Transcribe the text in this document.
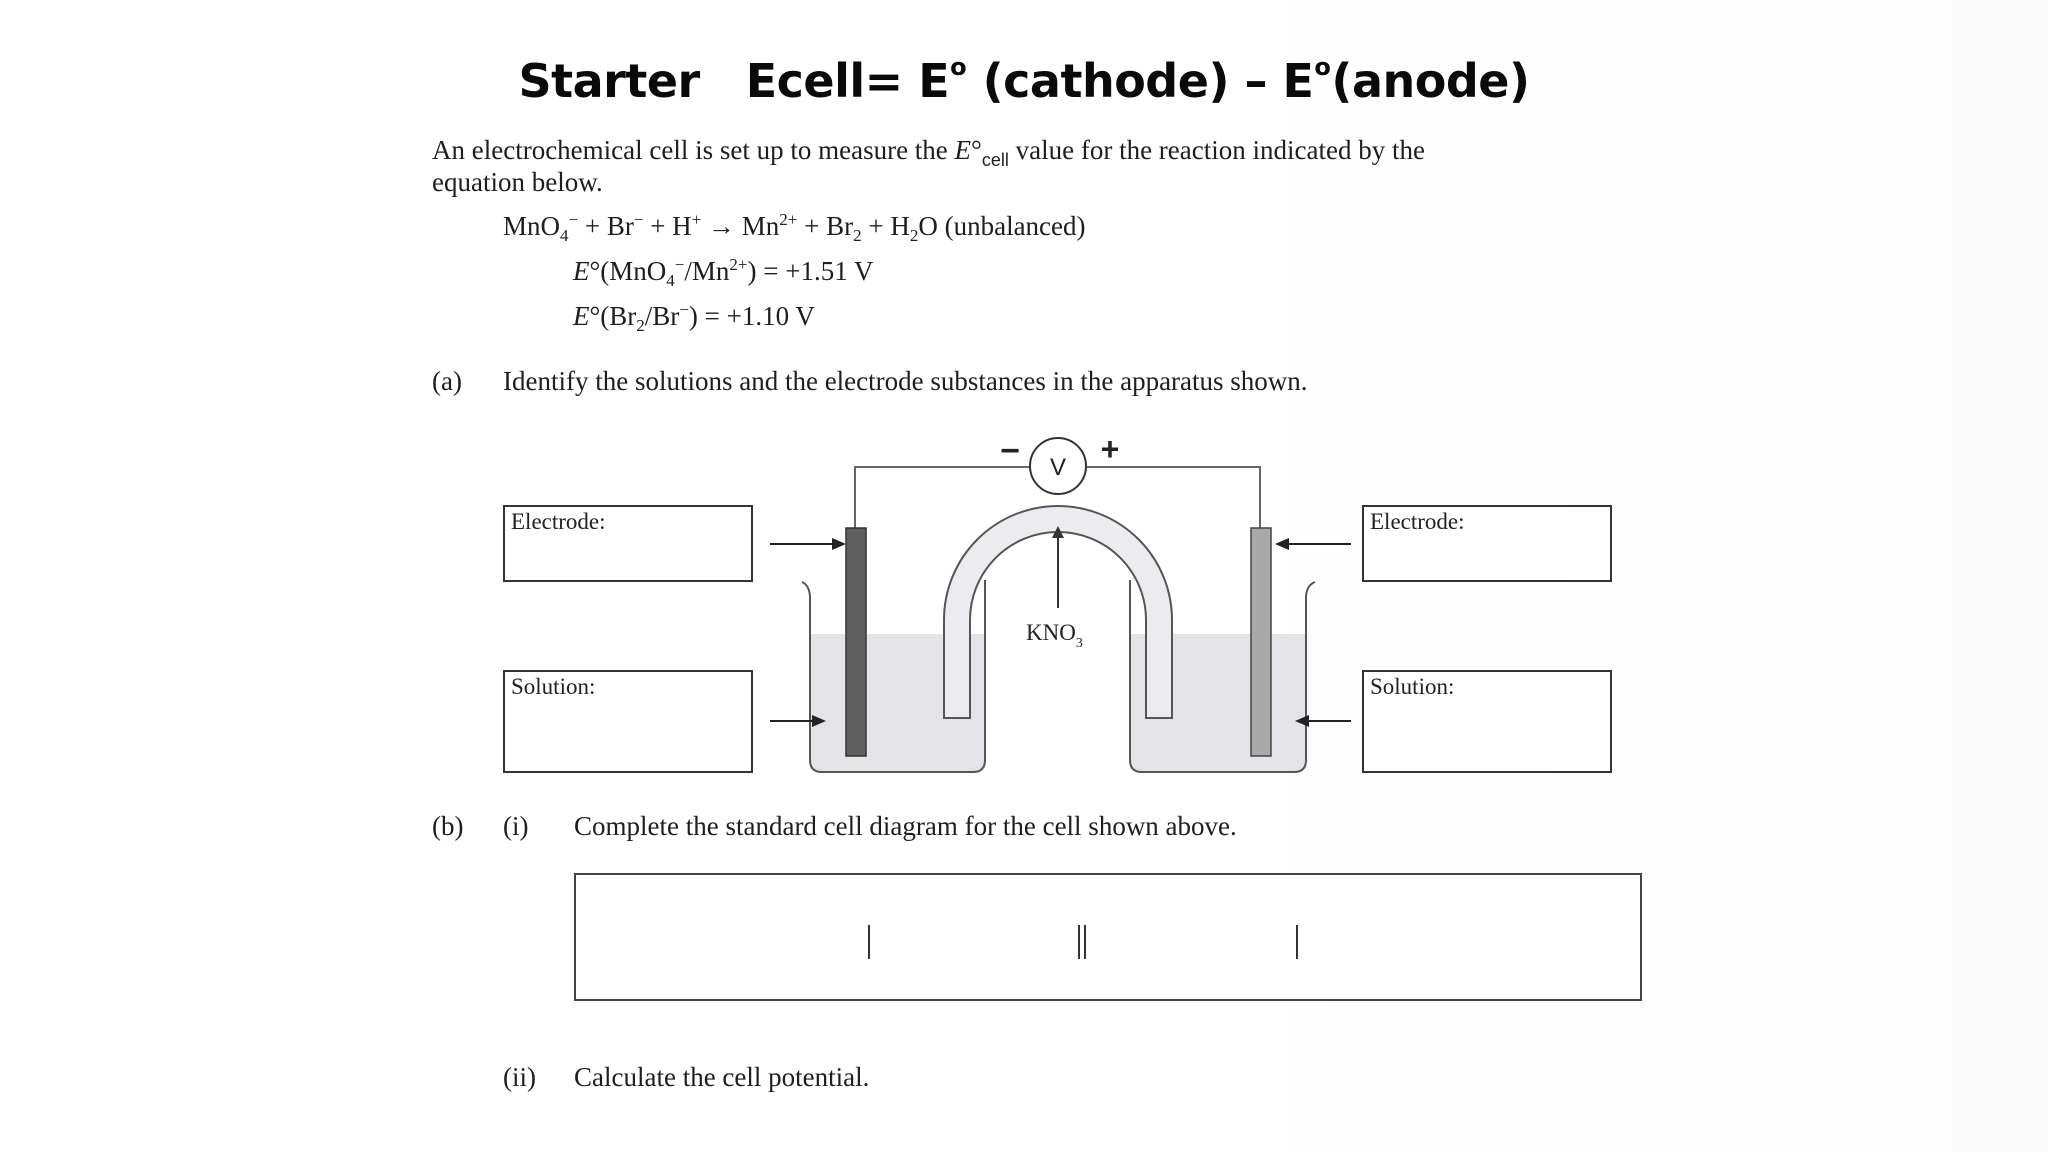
Starter Ecell= $E^o$ (cathode) – $E^o(anode)$
An electrochemical cell is set up to measure the $E^\circ_{cell}$ value for the reaction indicated by the
equation below.
$MnO_4^- + Br^- + H^+ \to Mn^{2+} + Br_2 + H_2O$ (unbalanced)
$E^\circ(MnO_4^-/Mn^{2+}) = +1.51$ V
$E^\circ(Br_2/Br^-) = +1.10$ V
(a) Identify the solutions and the electrode substances in the apparatus shown.
V
−	+
$KNO_3$
Electrode:
Solution:
Electrode:
Solution:
(b) (i) Complete the standard cell diagram for the cell shown above.
(ii) Calculate the cell potential.
